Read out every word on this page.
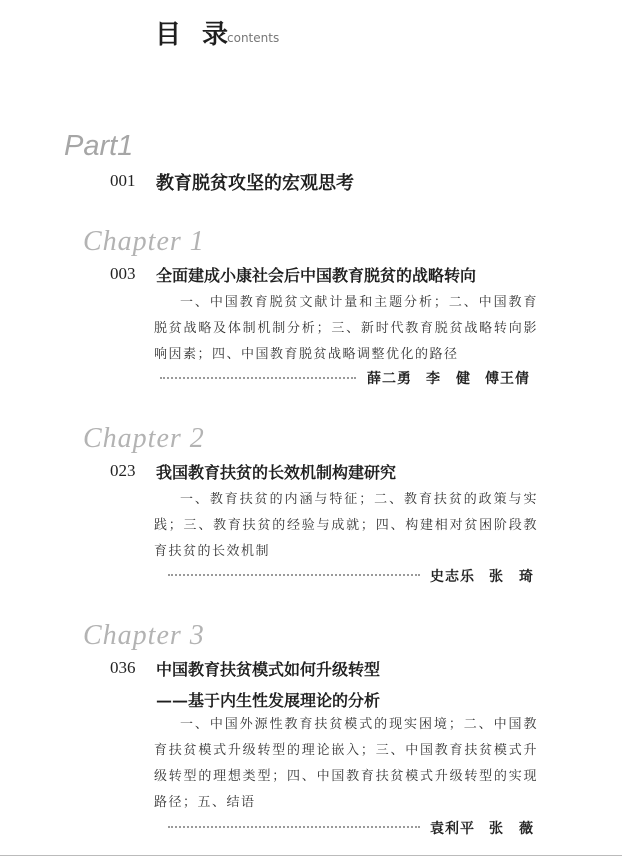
目 录
contents
Part1
001 教育脱贫攻坚的宏观思考
Chapter 1
003 全面建成小康社会后中国教育脱贫的战略转向
一、中国教育脱贫文献计量和主题分析；二、中国教育脱贫战略及体制机制分析；三、新时代教育脱贫战略转向影响因素；四、中国教育脱贫战略调整优化的路径
薛二勇 李　健 傅王倩
Chapter 2
023 我国教育扶贫的长效机制构建研究
一、教育扶贫的内涵与特征；二、教育扶贫的政策与实践；三、教育扶贫的经验与成就；四、构建相对贫困阶段教育扶贫的长效机制
史志乐 张　琦
Chapter 3
036 中国教育扶贫模式如何升级转型
——基于内生性发展理论的分析
一、中国外源性教育扶贫模式的现实困境；二、中国教育扶贫模式升级转型的理论嵌入；三、中国教育扶贫模式升级转型的理想类型；四、中国教育扶贫模式升级转型的实现路径；五、结语
袁利平 张　薇
